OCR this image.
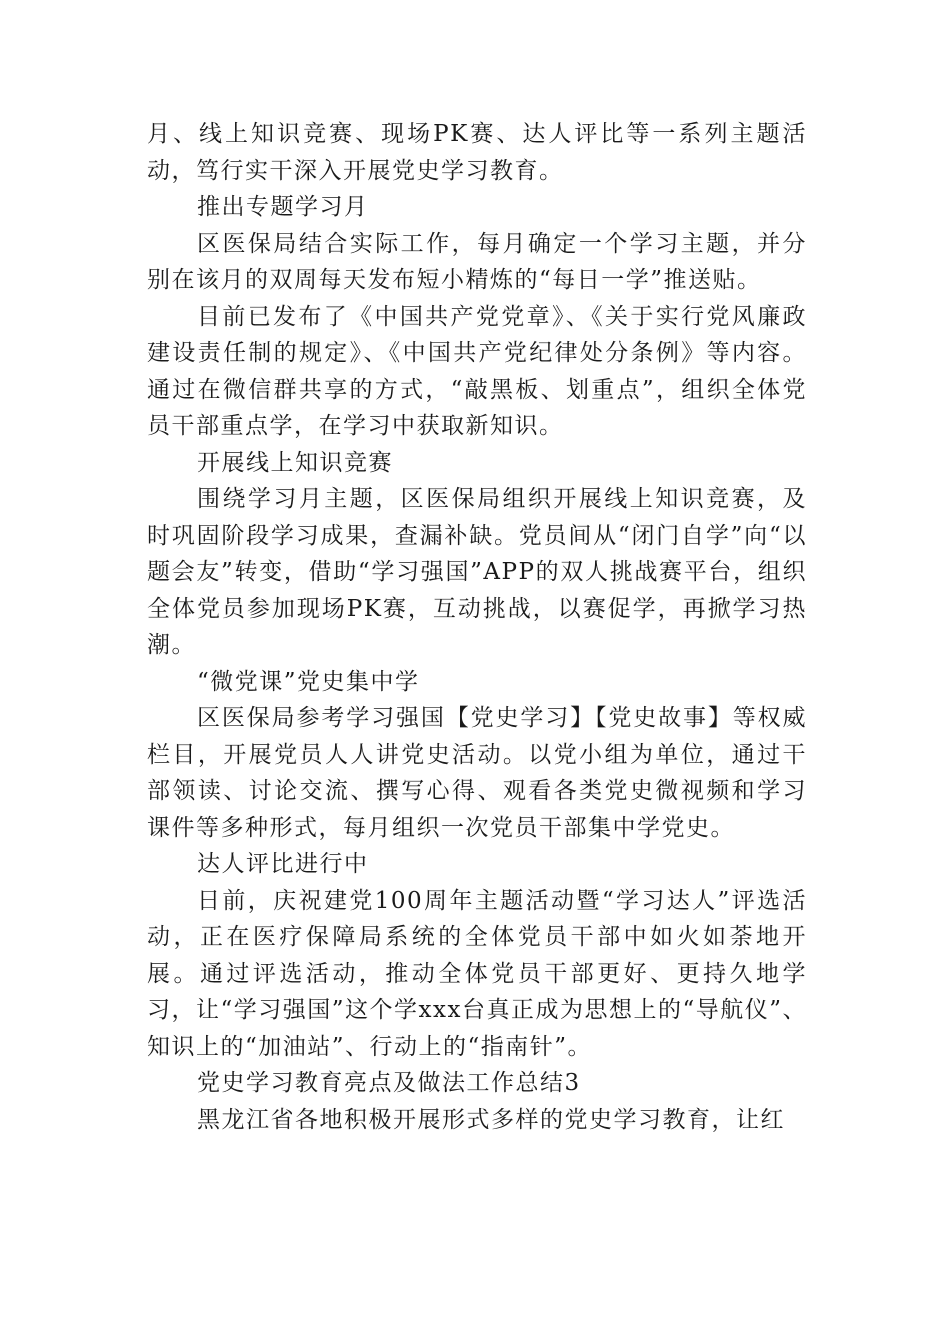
月、线上知识竞赛、现场PK赛、达人评比等一系列主题活动，笃行实干深入开展党史学习教育。

推出专题学习月

区医保局结合实际工作，每月确定一个学习主题，并分别在该月的双周每天发布短小精炼的“每日一学”推送贴。

目前已发布了《中国共产党党章》、《关于实行党风廉政建设责任制的规定》、《中国共产党纪律处分条例》等内容。通过在微信群共享的方式，“敲黑板、划重点”，组织全体党员干部重点学，在学习中获取新知识。

开展线上知识竞赛

围绕学习月主题，区医保局组织开展线上知识竞赛，及时巩固阶段学习成果，查漏补缺。党员间从“闭门自学”向“以题会友”转变，借助“学习强国”APP的双人挑战赛平台，组织全体党员参加现场PK赛，互动挑战，以赛促学，再掀学习热潮。

“微党课”党史集中学

区医保局参考学习强国【党史学习】【党史故事】等权威栏目，开展党员人人讲党史活动。以党小组为单位，通过干部领读、讨论交流、撰写心得、观看各类党史微视频和学习课件等多种形式，每月组织一次党员干部集中学党史。

达人评比进行中

日前，庆祝建党100周年主题活动暨“学习达人”评选活动，正在医疗保障局系统的全体党员干部中如火如荼地开展。通过评选活动，推动全体党员干部更好、更持久地学习，让“学习强国”这个学xxx台真正成为思想上的“导航仪”、知识上的“加油站”、行动上的“指南针”。

党史学习教育亮点及做法工作总结3

黑龙江省各地积极开展形式多样的党史学习教育，让红
